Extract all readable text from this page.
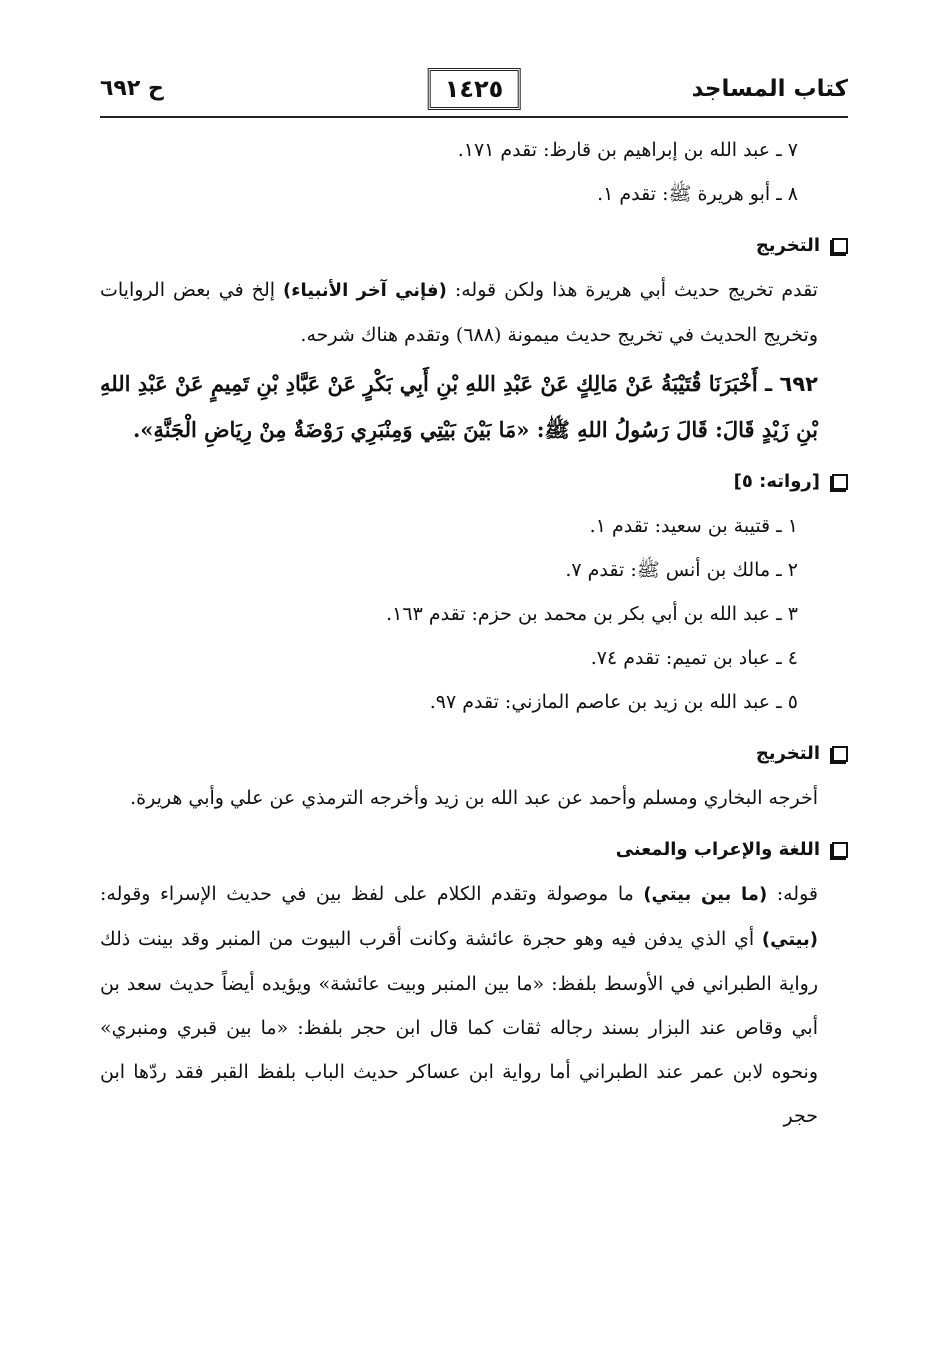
كتاب المساجد
١٤٢٥
ح ٦٩٢

٧ ـ عبد الله بن إبراهيم بن قارظ: تقدم ١٧١.

٨ ـ أبو هريرة ﷺ: تقدم ١.

التخريج

تقدم تخريج حديث أبي هريرة هذا ولكن قوله: (فإني آخر الأنبياء) إلخ في بعض الروايات وتخريج الحديث في تخريج حديث ميمونة (٦٨٨) وتقدم هناك شرحه.

٦٩٢ ـ أَخْبَرَنَا قُتَيْبَةُ عَنْ مَالِكٍ عَنْ عَبْدِ اللهِ بْنِ أَبِي بَكْرٍ عَنْ عَبَّادِ بْنِ تَمِيمٍ عَنْ عَبْدِ اللهِ بْنِ زَيْدٍ قَالَ: قَالَ رَسُولُ اللهِ ﷺ: «مَا بَيْنَ بَيْتِي وَمِنْبَرِي رَوْضَةٌ مِنْ رِيَاضِ الْجَنَّةِ».

[رواته: ٥]

١ ـ قتيبة بن سعيد: تقدم ١.

٢ ـ مالك بن أنس ﷺ: تقدم ٧.

٣ ـ عبد الله بن أبي بكر بن محمد بن حزم: تقدم ١٦٣.

٤ ـ عباد بن تميم: تقدم ٧٤.

٥ ـ عبد الله بن زيد بن عاصم المازني: تقدم ٩٧.

التخريج

أخرجه البخاري ومسلم وأحمد عن عبد الله بن زيد وأخرجه الترمذي عن علي وأبي هريرة.

اللغة والإعراب والمعنى

قوله: (ما بين بيتي) ما موصولة وتقدم الكلام على لفظ بين في حديث الإسراء وقوله: (بيتي) أي الذي يدفن فيه وهو حجرة عائشة وكانت أقرب البيوت من المنبر وقد بينت ذلك رواية الطبراني في الأوسط بلفظ: «ما بين المنبر وبيت عائشة» ويؤيده أيضاً حديث سعد بن أبي وقاص عند البزار بسند رجاله ثقات كما قال ابن حجر بلفظ: «ما بين قبري ومنبري» ونحوه لابن عمر عند الطبراني أما رواية ابن عساكر حديث الباب بلفظ القبر فقد ردّها ابن حجر
